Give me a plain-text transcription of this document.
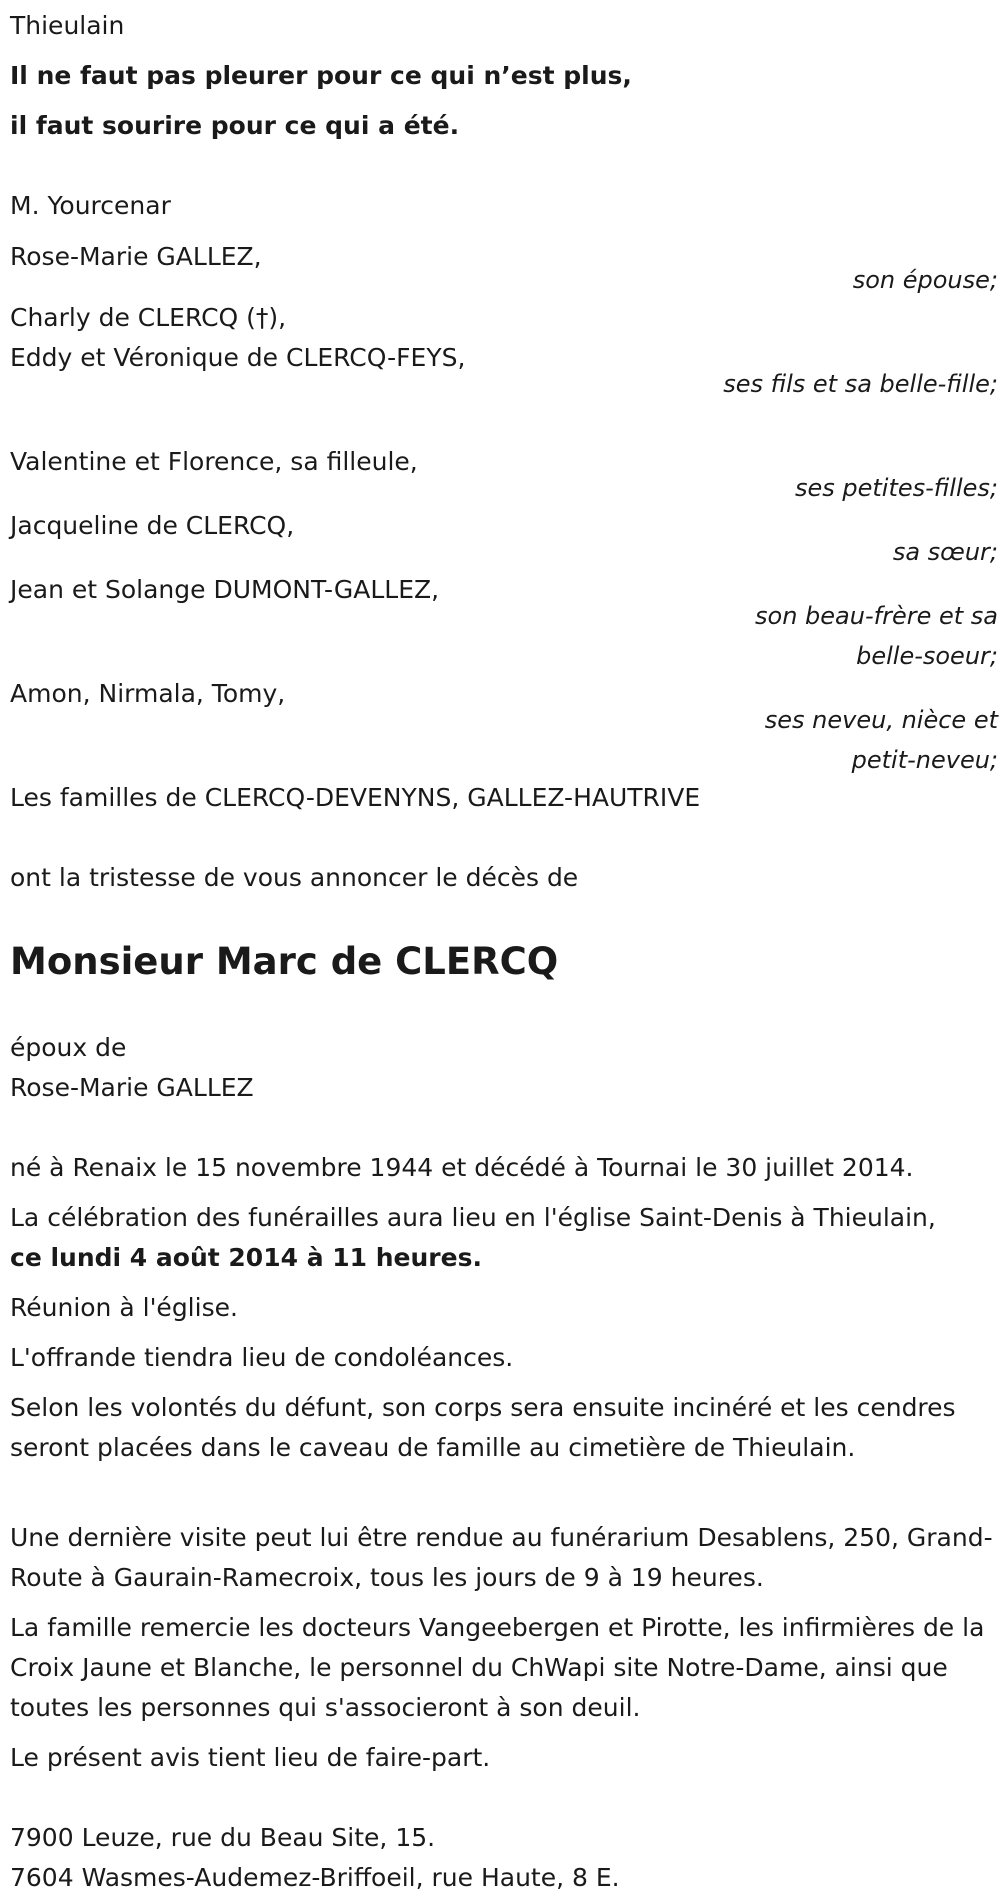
Thieulain
Il ne faut pas pleurer pour ce qui n’est plus,
il faut sourire pour ce qui a été.
M. Yourcenar
Rose-Marie GALLEZ,
son épouse;
Charly de CLERCQ (†),
Eddy et Véronique de CLERCQ-FEYS,
ses fils et sa belle-fille;
Valentine et Florence, sa filleule,
ses petites-filles;
Jacqueline de CLERCQ,
sa sœur;
Jean et Solange DUMONT-GALLEZ,
son beau-frère et sa belle-soeur;
Amon, Nirmala, Tomy,
ses neveu, nièce et petit-neveu;
Les familles de CLERCQ-DEVENYNS, GALLEZ-HAUTRIVE
ont la tristesse de vous annoncer le décès de
Monsieur Marc de CLERCQ
époux de
Rose-Marie GALLEZ
né à Renaix le 15 novembre 1944 et décédé à Tournai le 30 juillet 2014.
La célébration des funérailles aura lieu en l'église Saint-Denis à Thieulain,
ce lundi 4 août 2014 à 11 heures.
Réunion à l'église.
L'offrande tiendra lieu de condoléances.
Selon les volontés du défunt, son corps sera ensuite incinéré et les cendres seront placées dans le caveau de famille au cimetière de Thieulain.
Une dernière visite peut lui être rendue au funérarium Desablens, 250, Grand-Route à Gaurain-Ramecroix, tous les jours de 9 à 19 heures.
La famille remercie les docteurs Vangeebergen et Pirotte, les infirmières de la Croix Jaune et Blanche, le personnel du ChWapi site Notre-Dame, ainsi que toutes les personnes qui s'associeront à son deuil.
Le présent avis tient lieu de faire-part.
7900 Leuze, rue du Beau Site, 15.
7604 Wasmes-Audemez-Briffoeil, rue Haute, 8 E.
